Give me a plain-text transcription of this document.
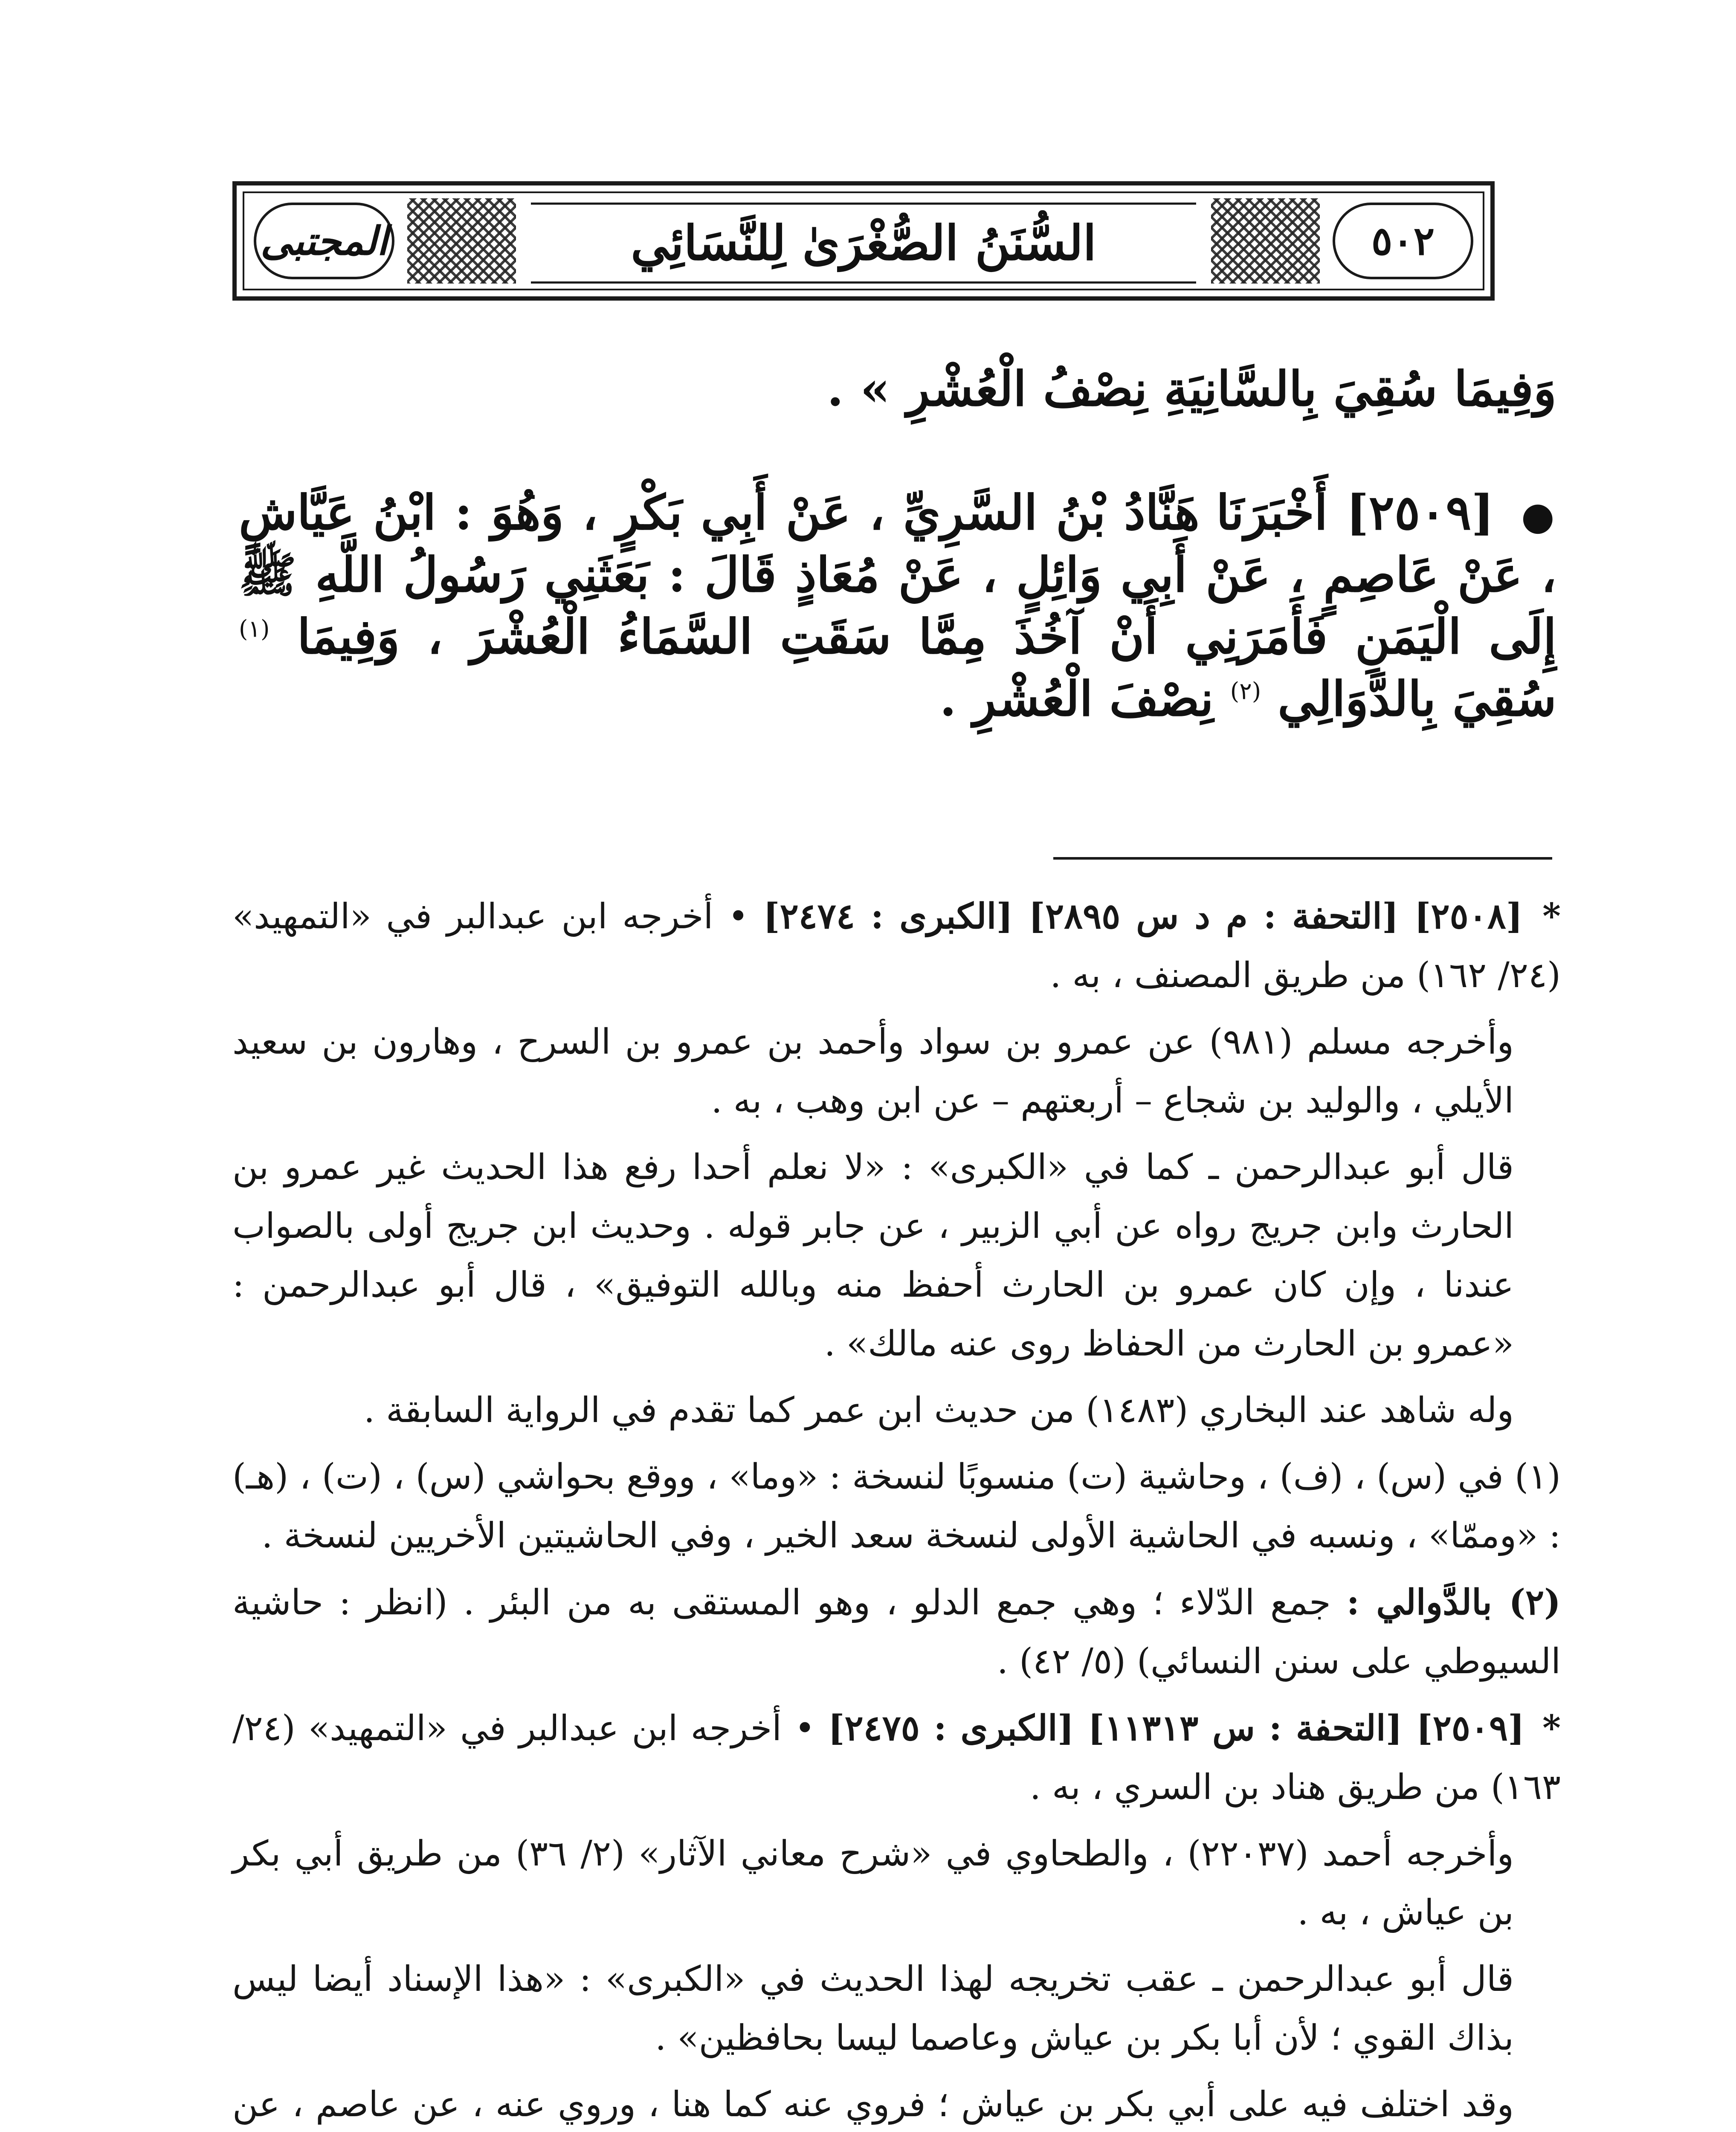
٥٠٢
السُّنَنُ الصُّغْرَىٰ لِلنَّسَائِي
المجتبى
وَفِيمَا سُقِيَ بِالسَّانِيَةِ نِصْفُ الْعُشْرِ » .
● [٢٥٠٩] أَخْبَرَنَا هَنَّادُ بْنُ السَّرِيِّ ، عَنْ أَبِي بَكْرٍ ، وَهُوَ : ابْنُ عَيَّاشٍ ، عَنْ عَاصِمٍ ، عَنْ أَبِي وَائِلٍ ، عَنْ مُعَاذٍ قَالَ : بَعَثَنِي رَسُولُ اللَّهِ ﷺ إِلَى الْيَمَنِ فَأَمَرَنِي أَنْ آخُذَ مِمَّا سَقَتِ السَّمَاءُ الْعُشْرَ ، وَفِيمَا $^{(١)}$ سُقِيَ بِالدَّوَالِي $^{(٢)}$ نِصْفَ الْعُشْرِ .

* [٢٥٠٨] [التحفة : م د س ٢٨٩٥] [الكبرى : ٢٤٧٤] • أخرجه ابن عبدالبر في «التمهيد» (٢٤/ ١٦٢) من طريق المصنف ، به .

وأخرجه مسلم (٩٨١) عن عمرو بن سواد وأحمد بن عمرو بن السرح ، وهارون بن سعيد الأيلي ، والوليد بن شجاع – أربعتهم – عن ابن وهب ، به .

قال أبو عبدالرحمن ـ كما في «الكبرى» : «لا نعلم أحدا رفع هذا الحديث غير عمرو بن الحارث وابن جريج رواه عن أبي الزبير ، عن جابر قوله . وحديث ابن جريج أولى بالصواب عندنا ، وإن كان عمرو بن الحارث أحفظ منه وبالله التوفيق» ، قال أبو عبدالرحمن : «عمرو بن الحارث من الحفاظ روى عنه مالك» .

وله شاهد عند البخاري (١٤٨٣) من حديث ابن عمر كما تقدم في الرواية السابقة .

(١) في (س) ، (ف) ، وحاشية (ت) منسوبًا لنسخة : «وما» ، ووقع بحواشي (س) ، (ت) ، (هـ) : «وممّا» ، ونسبه في الحاشية الأولى لنسخة سعد الخير ، وفي الحاشيتين الأخريين لنسخة .

(٢) بالدَّوالي : جمع الدّلاء ؛ وهي جمع الدلو ، وهو المستقى به من البئر . (انظر : حاشية السيوطي على سنن النسائي) (٥/ ٤٢) .

* [٢٥٠٩] [التحفة : س ١١٣١٣] [الكبرى : ٢٤٧٥] • أخرجه ابن عبدالبر في «التمهيد» (٢٤/ ١٦٣) من طريق هناد بن السري ، به .

وأخرجه أحمد (٢٢٠٣٧) ، والطحاوي في «شرح معاني الآثار» (٢/ ٣٦) من طريق أبي بكر بن عياش ، به .

قال أبو عبدالرحمن ـ عقب تخريجه لهذا الحديث في «الكبرى» : «هذا الإسناد أيضا ليس بذاك القوي ؛ لأن أبا بكر بن عياش وعاصما ليسا بحافظين» .

وقد اختلف فيه على أبي بكر بن عياش ؛ فروي عنه كما هنا ، وروي عنه ، عن عاصم ، عن
